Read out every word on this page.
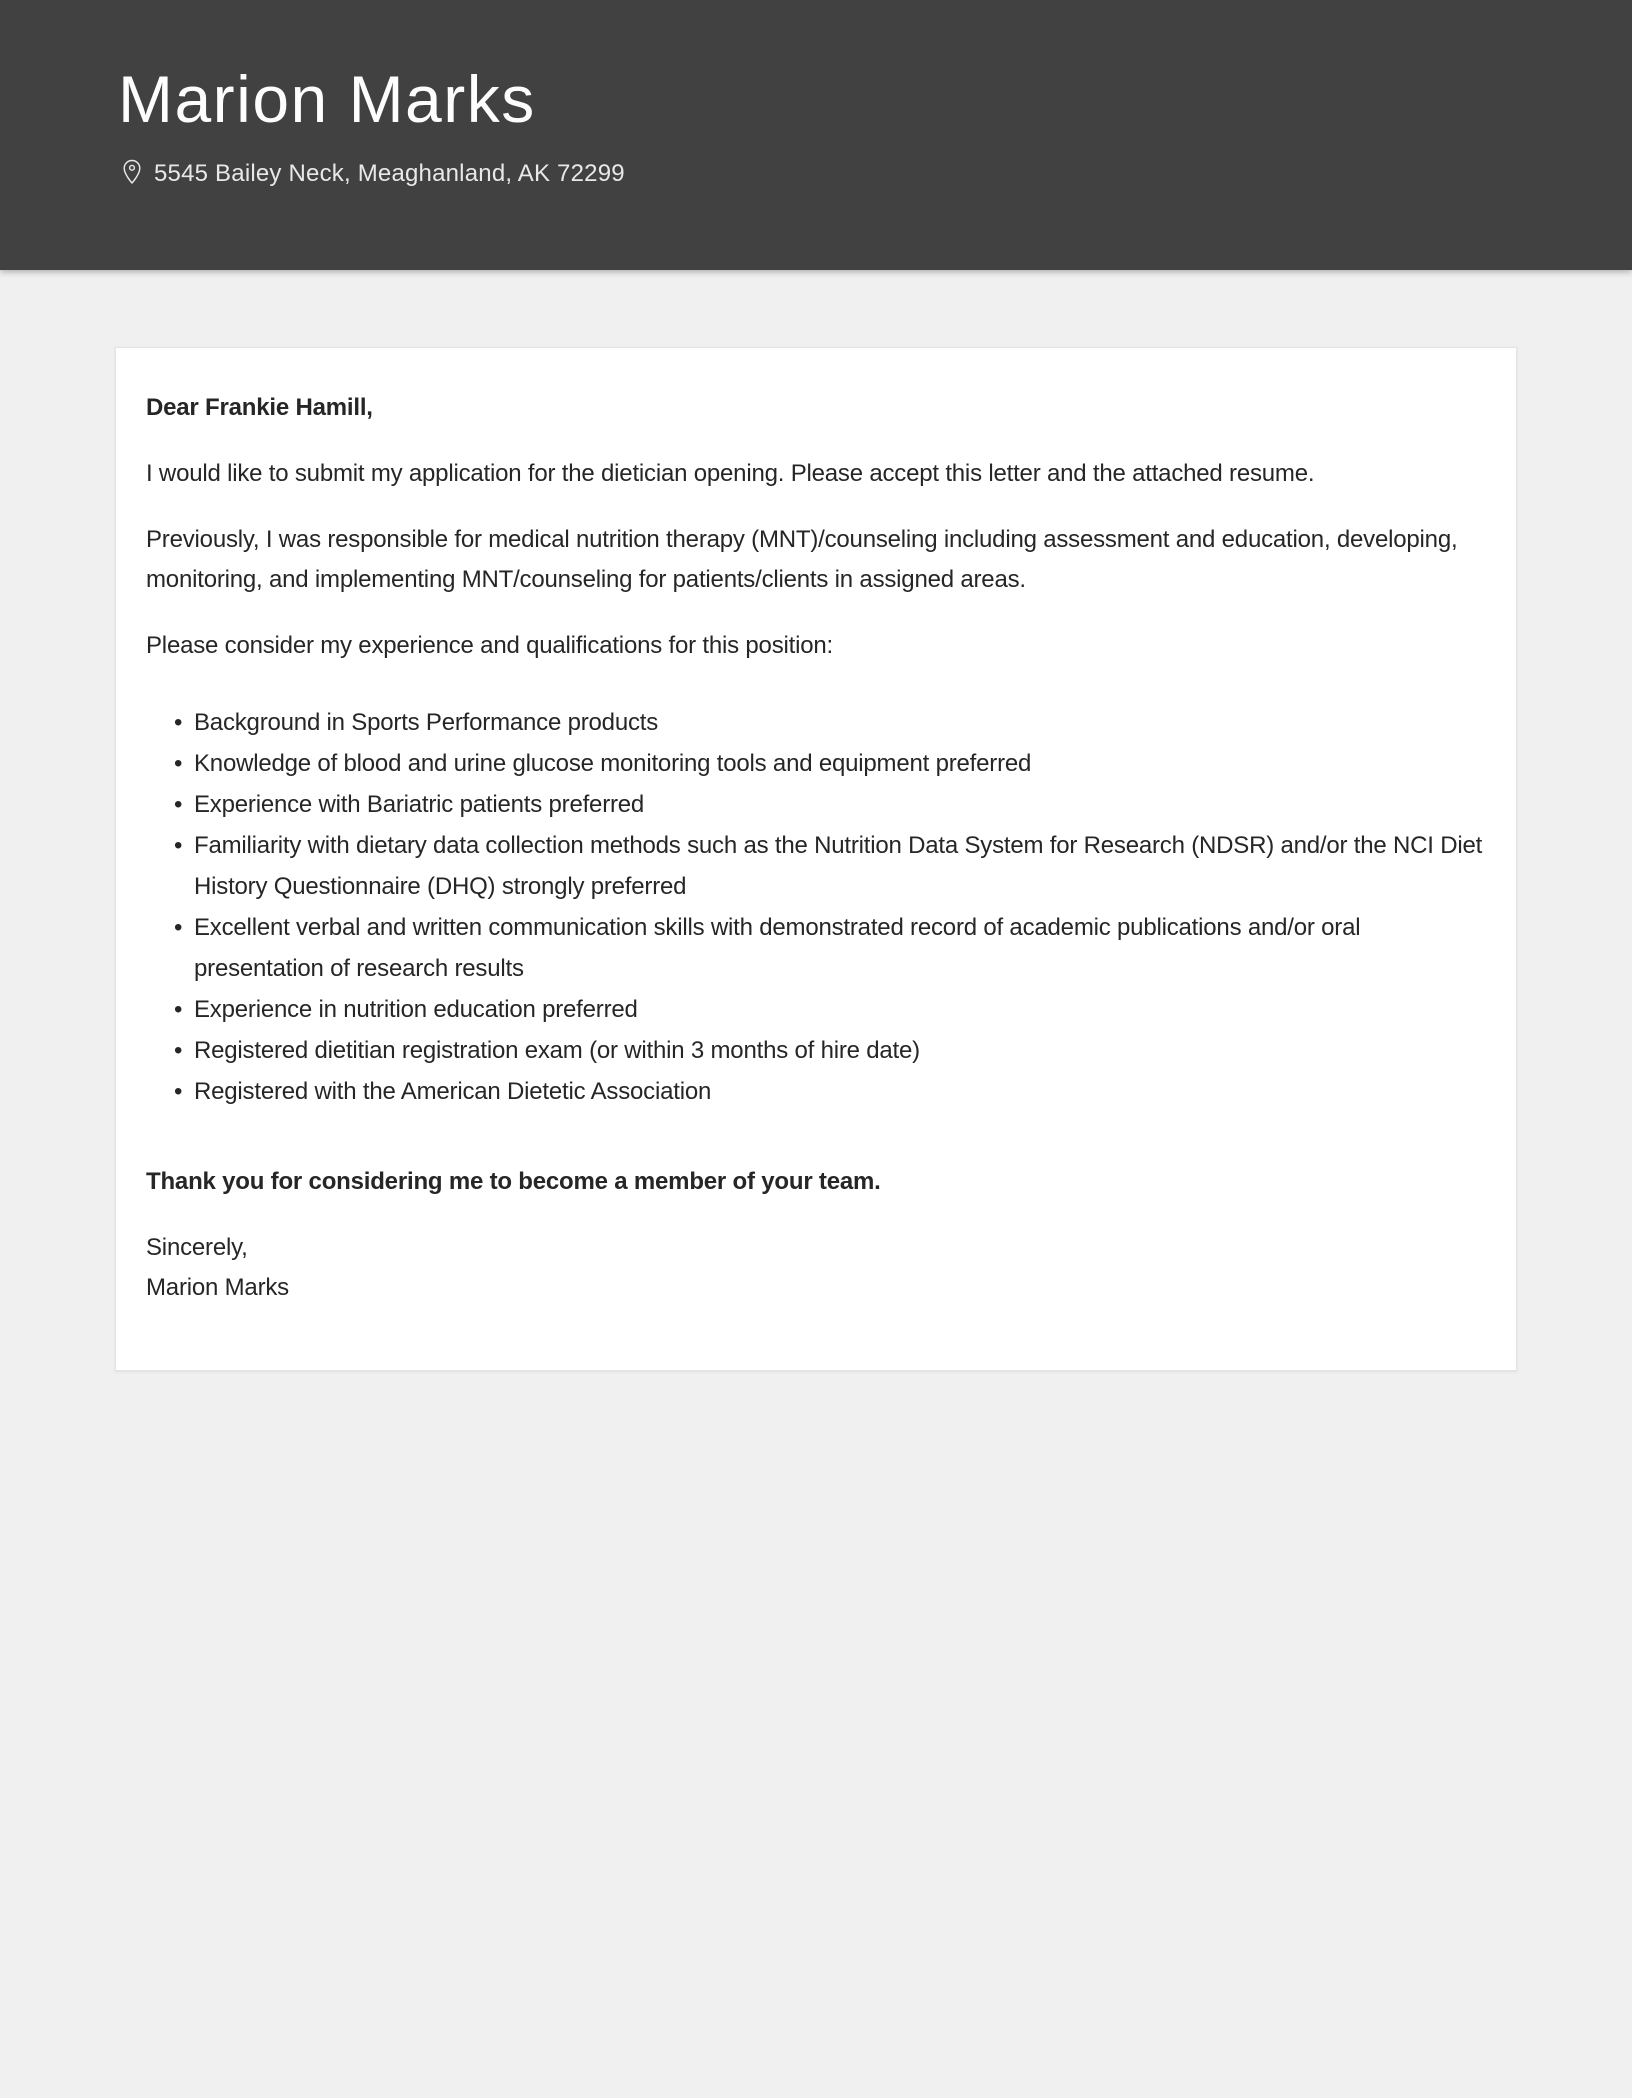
Marion Marks
5545 Bailey Neck, Meaghanland, AK 72299

Dear Frankie Hamill,

I would like to submit my application for the dietician opening. Please accept this letter and the attached resume.

Previously, I was responsible for medical nutrition therapy (MNT)/counseling including assessment and education, developing, monitoring, and implementing MNT/counseling for patients/clients in assigned areas.

Please consider my experience and qualifications for this position:

• Background in Sports Performance products
• Knowledge of blood and urine glucose monitoring tools and equipment preferred
• Experience with Bariatric patients preferred
• Familiarity with dietary data collection methods such as the Nutrition Data System for Research (NDSR) and/or the NCI Diet History Questionnaire (DHQ) strongly preferred
• Excellent verbal and written communication skills with demonstrated record of academic publications and/or oral presentation of research results
• Experience in nutrition education preferred
• Registered dietitian registration exam (or within 3 months of hire date)
• Registered with the American Dietetic Association

Thank you for considering me to become a member of your team.

Sincerely,
Marion Marks
